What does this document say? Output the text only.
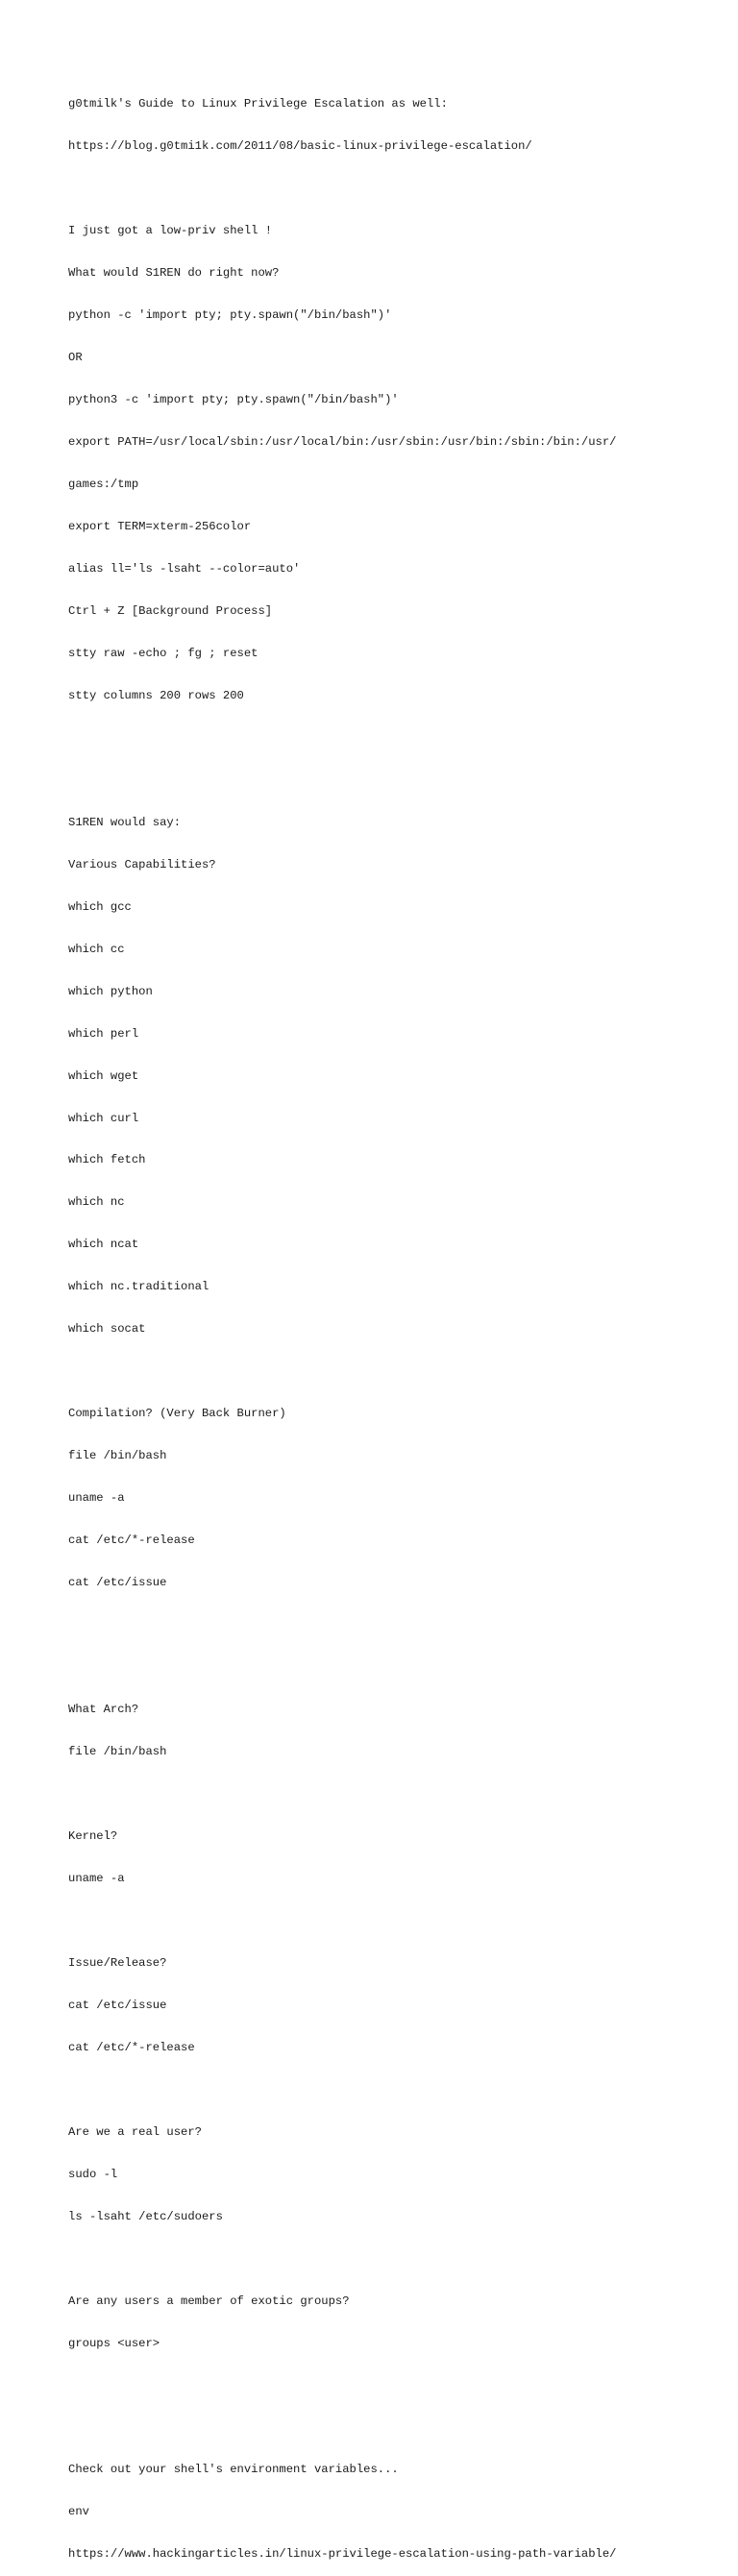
g0tmilk's Guide to Linux Privilege Escalation as well:

https://blog.g0tmi1k.com/2011/08/basic-linux-privilege-escalation/

I just got a low-priv shell !

What would S1REN do right now?

python -c 'import pty; pty.spawn("/bin/bash")'

OR

python3 -c 'import pty; pty.spawn("/bin/bash")'

export PATH=/usr/local/sbin:/usr/local/bin:/usr/sbin:/usr/bin:/sbin:/bin:/usr/

games:/tmp

export TERM=xterm-256color

alias ll='ls -lsaht --color=auto'

Ctrl + Z [Background Process]

stty raw -echo ; fg ; reset

stty columns 200 rows 200

S1REN would say:

Various Capabilities?

which gcc

which cc

which python

which perl

which wget

which curl

which fetch

which nc

which ncat

which nc.traditional

which socat

Compilation? (Very Back Burner)

file /bin/bash

uname -a

cat /etc/*-release

cat /etc/issue

What Arch?

file /bin/bash

Kernel?

uname -a

Issue/Release?

cat /etc/issue

cat /etc/*-release

Are we a real user?

sudo -l

ls -lsaht /etc/sudoers

Are any users a member of exotic groups?

groups <user>

Check out your shell's environment variables...

env

https://www.hackingarticles.in/linux-privilege-escalation-using-path-variable/
